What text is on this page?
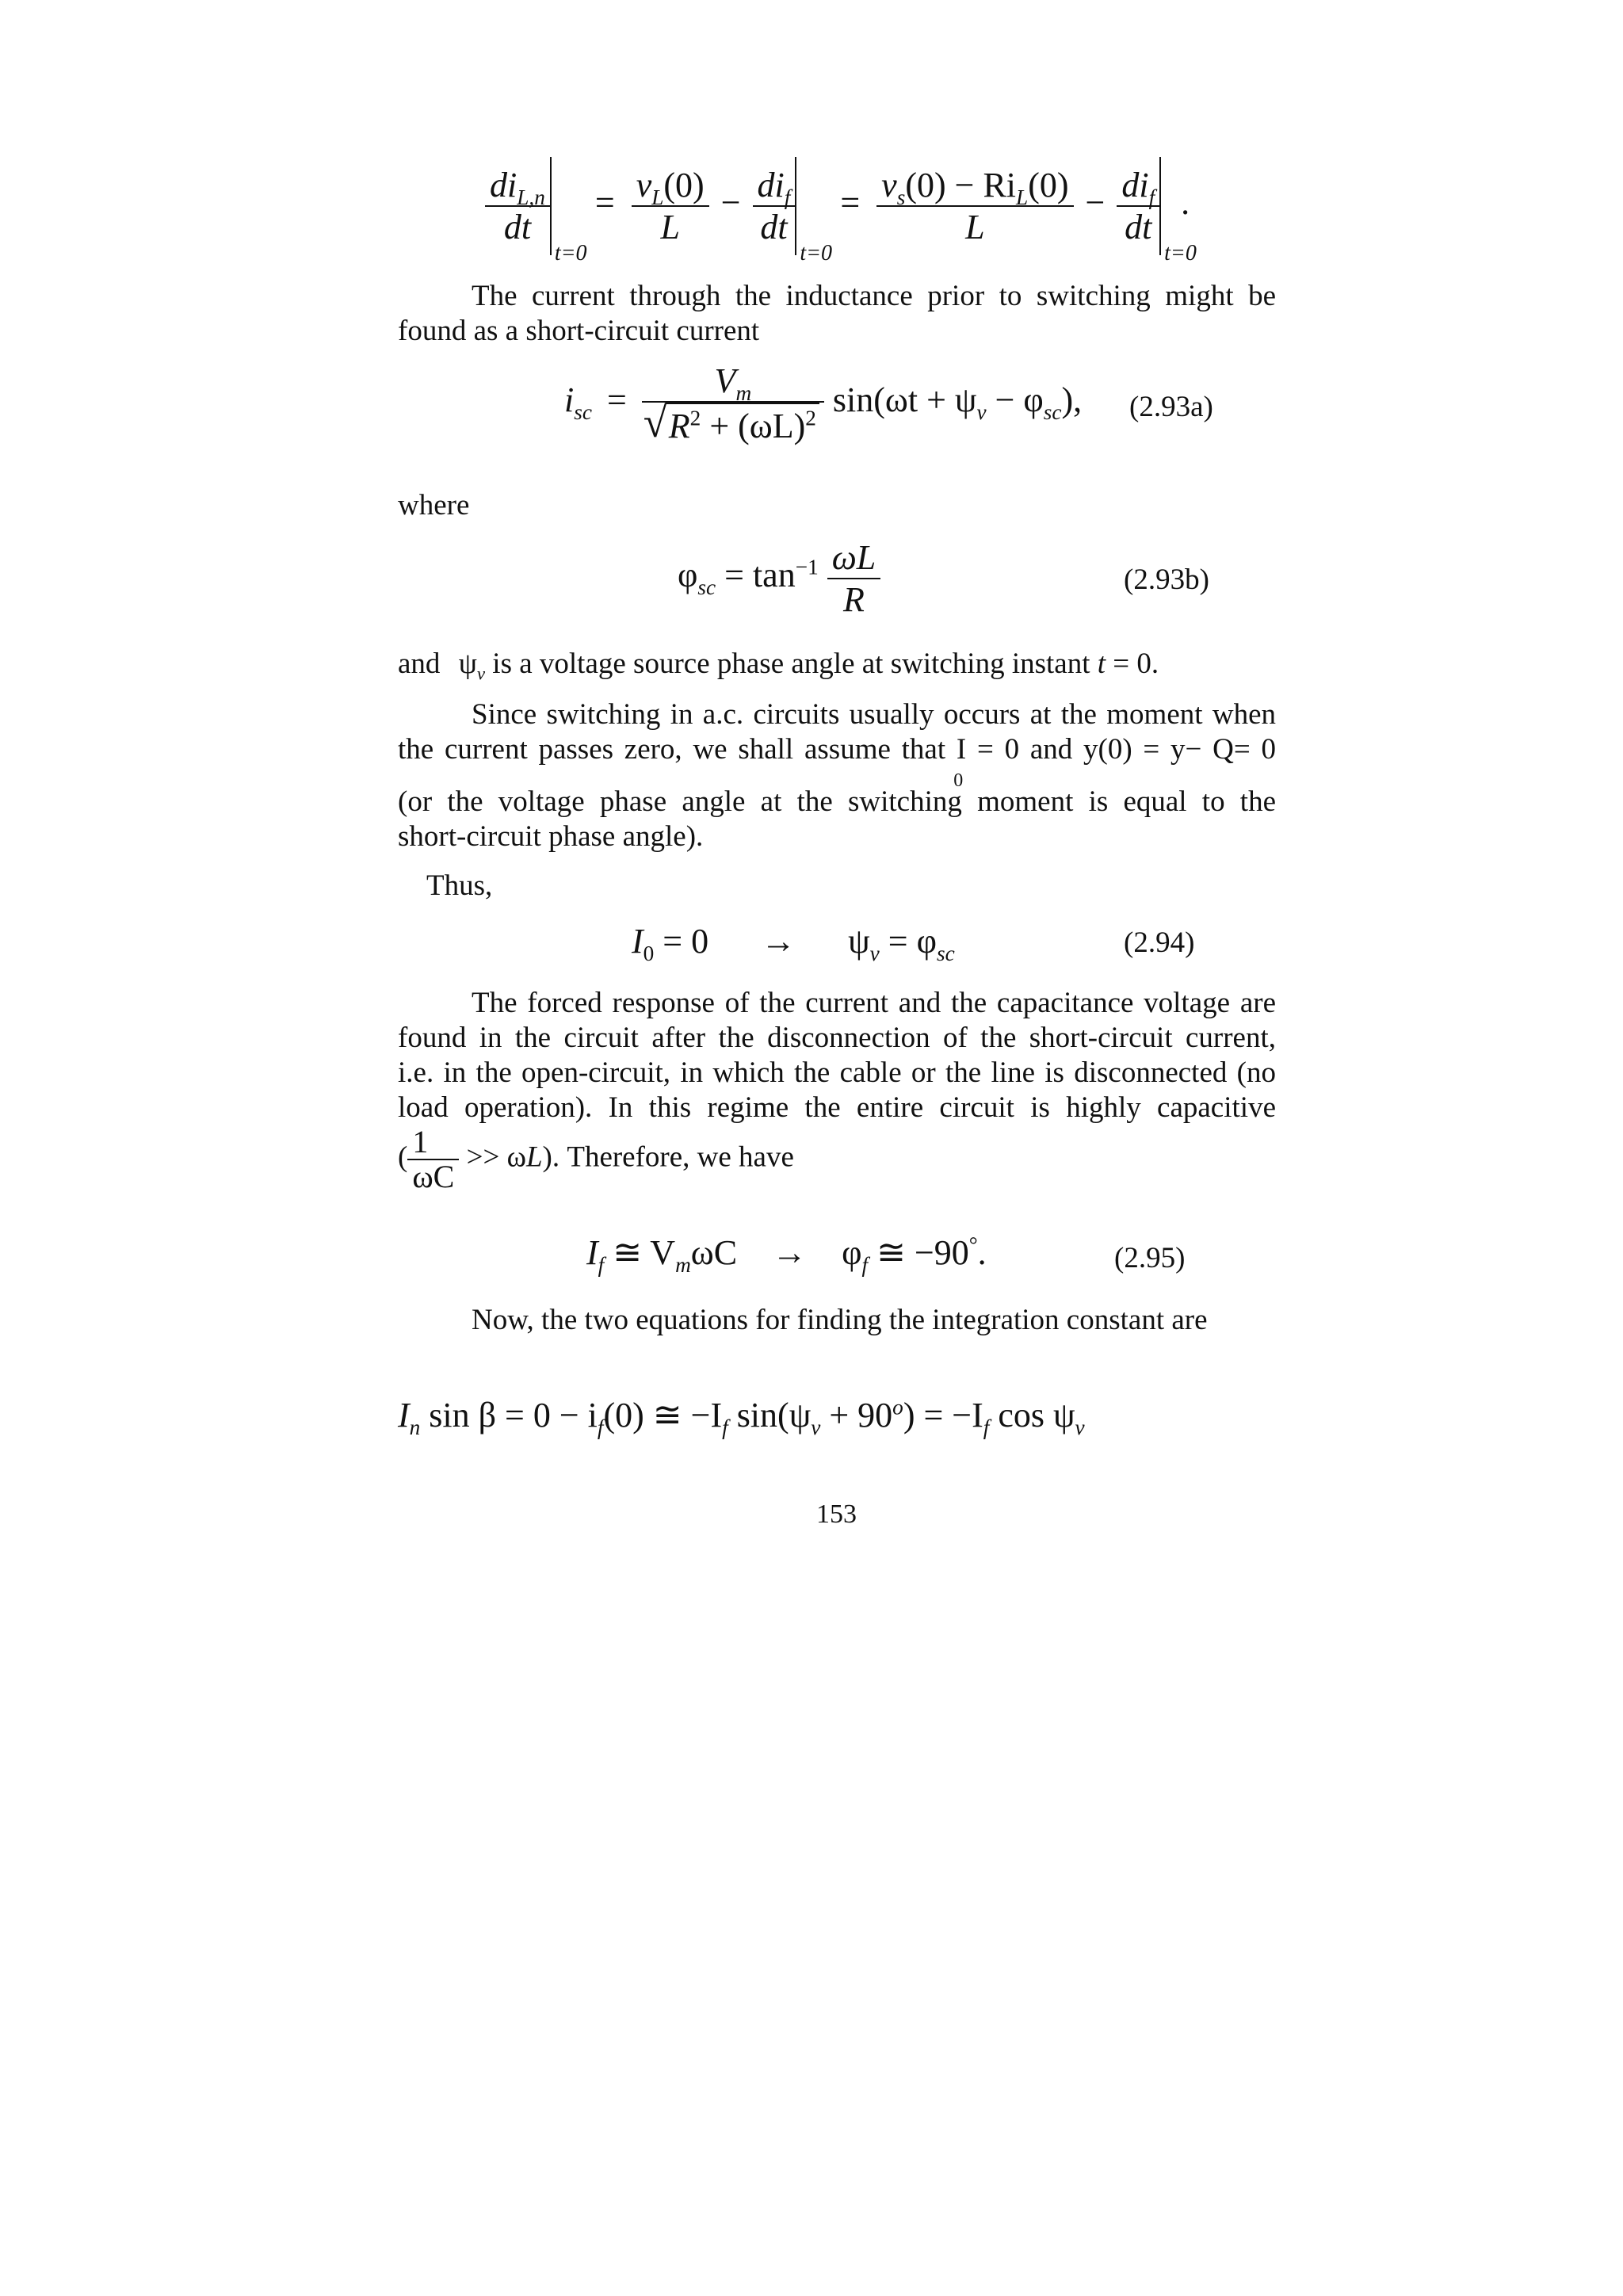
$\frac{di_{L,n}}{dt}$
t=0
= $\frac{v_L(0)}{L} - \frac{di_f}{dt}$
t=0
= $\frac{v_s(0) - Ri_L(0)}{L} - \frac{di_f}{dt}$
t=0
.
The current through the inductance prior to switching might be
found as a short-circuit current
$i_{sc} = V_m$
√ $R^2 + (\omega L)^2$ $\sin(\omega t + \psi_v - \varphi_{sc})$, (2.93a)
where
$\varphi_{sc} = \tan^{-1} \frac{\omega L}{R}$	(2.93b)
and $\psi_v$ is a voltage source phase angle at switching instant t = 0.
Since switching in a.c. circuits usually occurs at the moment when
the current passes zero, we shall assume that I
0
= 0 and y(0) = y− Q= 0
(or the voltage phase angle at the switching moment is equal to the
short-circuit phase angle).
Thus,
$I_0 = 0$      →      $\psi_v = \varphi_{sc}$	(2.94)
The forced response of the current and the capacitance voltage are
found in the circuit after the disconnection of the short-circuit current,
i.e. in the open-circuit, in which the cable or the line is disconnected (no
load operation). In this regime the entire circuit is highly capacitive
( $\frac{1}{\omega C} >> \omega L$). Therefore, we have
$I_f$ ≅ $V_m\omega C$    →    $\varphi_f$ ≅ −90°.	(2.95)
Now, the two equations for finding the integration constant are
$I_n$ $\sin \beta = 0 - i_f(0)$ ≅ $-I_f$ $\sin(\psi_v + 90^o) = -I_f$ $\cos \psi_v$
153
